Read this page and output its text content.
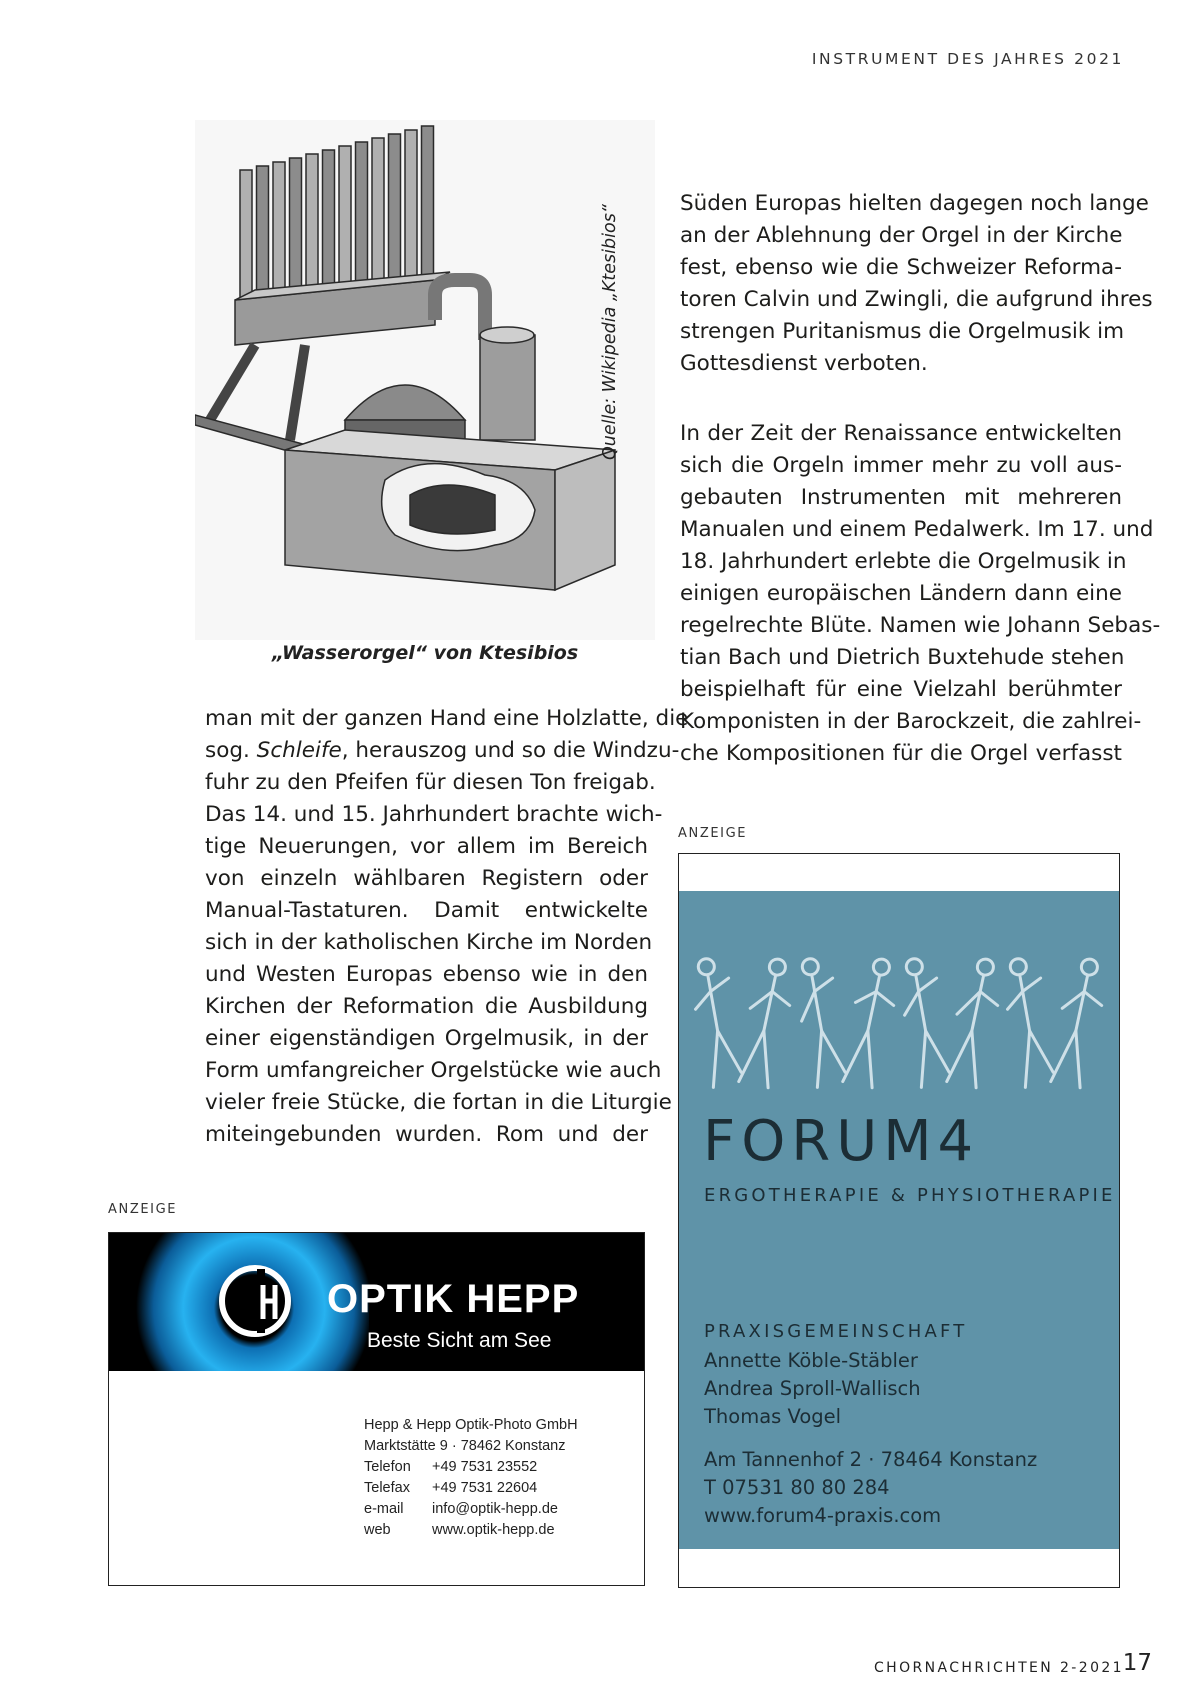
INSTRUMENT DES JAHRES 2021
Quelle: Wikipedia „Ktesibios“
„Wasserorgel“ von Ktesibios
man mit der ganzen Hand eine Holzlatte, die
sog. Schleife, herauszog und so die Windzu-
fuhr zu den Pfeifen für diesen Ton freigab.
Das 14. und 15. Jahrhundert brachte wich-
tige Neuerungen, vor allem im Bereich
von einzeln wählbaren Registern oder
Manual-Tastaturen. Damit entwickelte
sich in der katholischen Kirche im Norden
und Westen Europas ebenso wie in den
Kirchen der Reformation die Ausbildung
einer eigenständigen Orgelmusik, in der
Form umfangreicher Orgelstücke wie auch
vieler freie Stücke, die fortan in die Liturgie
miteingebunden wurden. Rom und der
Süden Europas hielten dagegen noch lange
an der Ablehnung der Orgel in der Kirche
fest, ebenso wie die Schweizer Reforma-
toren Calvin und Zwingli, die aufgrund ihres
strengen Puritanismus die Orgelmusik im
Gottesdienst verboten.
In der Zeit der Renaissance entwickelten
sich die Orgeln immer mehr zu voll aus-
gebauten Instrumenten mit mehreren
Manualen und einem Pedalwerk. Im 17. und
18. Jahrhundert erlebte die Orgelmusik in
einigen europäischen Ländern dann eine
regelrechte Blüte. Namen wie Johann Sebas-
tian Bach und Dietrich Buxtehude stehen
beispielhaft für eine Vielzahl berühmter
Komponisten in der Barockzeit, die zahlrei-
che Kompositionen für die Orgel verfasst
ANZEIGE
ANZEIGE
OPTIK HEPP
Beste Sicht am See
Hepp & Hepp Optik-Photo GmbH
Marktstätte 9 · 78462 Konstanz
Telefon	+49 7531 23552
Telefax	+49 7531 22604
e-mail	info@optik-hepp.de
web	www.optik-hepp.de
FORUM4
ERGOTHERAPIE & PHYSIOTHERAPIE
PRAXISGEMEINSCHAFT
Annette Köble-Stäbler
Andrea Sproll-Wallisch
Thomas Vogel
Am Tannenhof 2 · 78464 Konstanz
T 07531 80 80 284
www.forum4-praxis.com
CHORNACHRICHTEN 2-2021
17
